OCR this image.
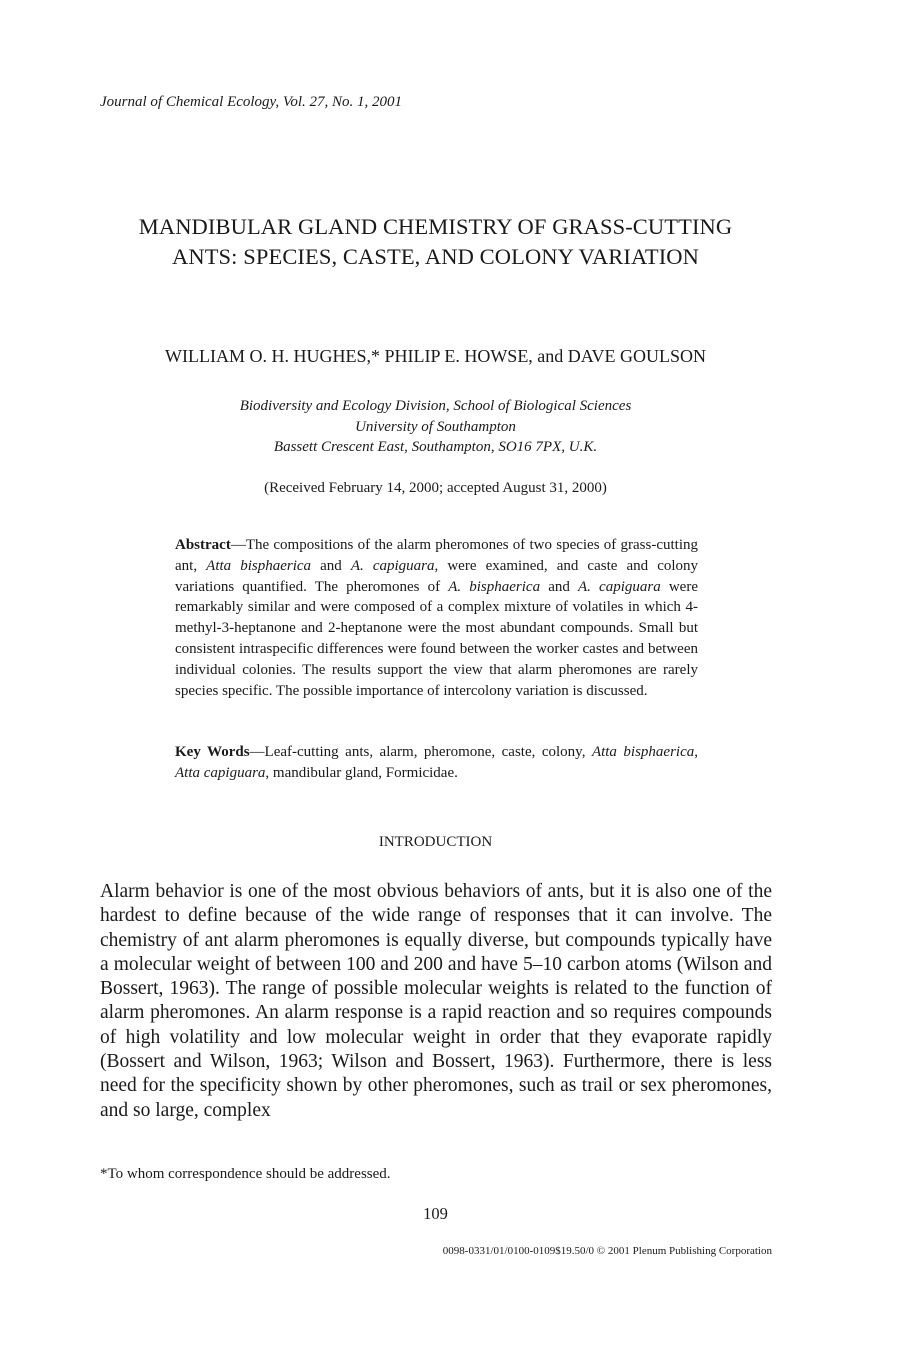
Journal of Chemical Ecology, Vol. 27, No. 1, 2001
MANDIBULAR GLAND CHEMISTRY OF GRASS-CUTTING
ANTS: SPECIES, CASTE, AND COLONY VARIATION
WILLIAM O. H. HUGHES,* PHILIP E. HOWSE, and DAVE GOULSON
Biodiversity and Ecology Division, School of Biological Sciences
University of Southampton
Bassett Crescent East, Southampton, SO16 7PX, U.K.
(Received February 14, 2000; accepted August 31, 2000)
Abstract—The compositions of the alarm pheromones of two species of grass-cutting ant, Atta bisphaerica and A. capiguara, were examined, and caste and colony variations quantified. The pheromones of A. bisphaerica and A. capiguara were remarkably similar and were composed of a complex mixture of volatiles in which 4-methyl-3-heptanone and 2-heptanone were the most abundant compounds. Small but consistent intraspecific differences were found between the worker castes and between individual colonies. The results support the view that alarm pheromones are rarely species specific. The possible importance of intercolony variation is discussed.
Key Words—Leaf-cutting ants, alarm, pheromone, caste, colony, Atta bisphaerica, Atta capiguara, mandibular gland, Formicidae.
INTRODUCTION
Alarm behavior is one of the most obvious behaviors of ants, but it is also one of the hardest to define because of the wide range of responses that it can involve. The chemistry of ant alarm pheromones is equally diverse, but compounds typically have a molecular weight of between 100 and 200 and have 5–10 carbon atoms (Wilson and Bossert, 1963). The range of possible molecular weights is related to the function of alarm pheromones. An alarm response is a rapid reaction and so requires compounds of high volatility and low molecular weight in order that they evaporate rapidly (Bossert and Wilson, 1963; Wilson and Bossert, 1963). Furthermore, there is less need for the specificity shown by other pheromones, such as trail or sex pheromones, and so large, complex
*To whom correspondence should be addressed.
109
0098-0331/01/0100-0109$19.50/0 © 2001 Plenum Publishing Corporation
